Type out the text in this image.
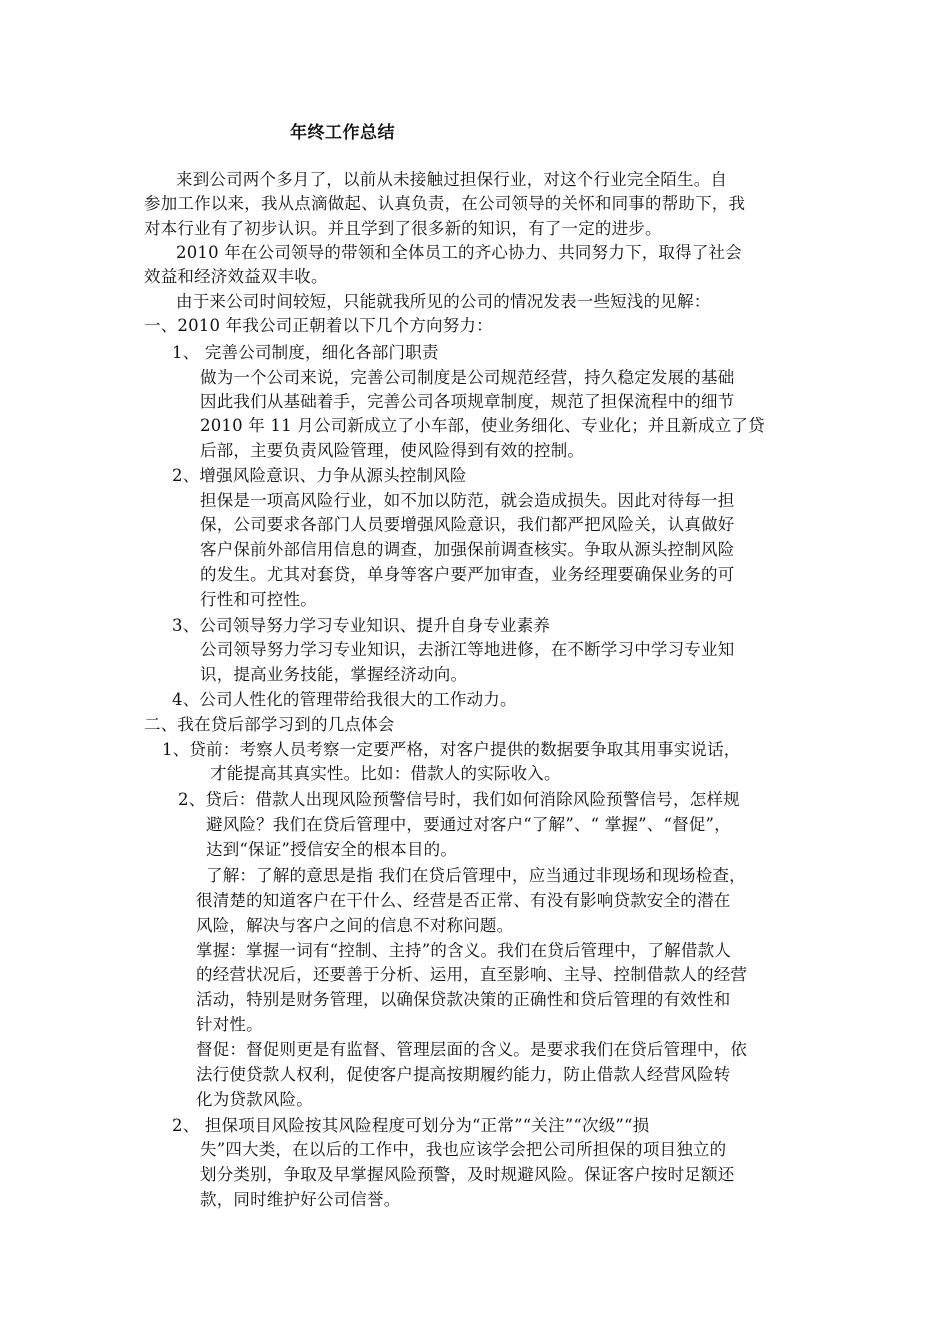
年终工作总结
来到公司两个多月了，以前从未接触过担保行业，对这个行业完全陌生。自
参加工作以来，我从点滴做起、认真负责，在公司领导的关怀和同事的帮助下，我
对本行业有了初步认识。并且学到了很多新的知识，有了一定的进步。
2010 年在公司领导的带领和全体员工的齐心协力、共同努力下，取得了社会
效益和经济效益双丰收。
由于来公司时间较短，只能就我所见的公司的情况发表一些短浅的见解：
一、2010 年我公司正朝着以下几个方向努力：
1、 完善公司制度，细化各部门职责
做为一个公司来说，完善公司制度是公司规范经营，持久稳定发展的基础
因此我们从基础着手，完善公司各项规章制度，规范了担保流程中的细节
2010 年 11 月公司新成立了小车部，使业务细化、专业化；并且新成立了贷
后部，主要负责风险管理，使风险得到有效的控制。
2、增强风险意识、力争从源头控制风险
担保是一项高风险行业，如不加以防范，就会造成损失。因此对待每一担
保，公司要求各部门人员要增强风险意识，我们都严把风险关，认真做好
客户保前外部信用信息的调查，加强保前调查核实。争取从源头控制风险
的发生。尤其对套贷，单身等客户要严加审查，业务经理要确保业务的可
行性和可控性。
3、公司领导努力学习专业知识、提升自身专业素养
公司领导努力学习专业知识，去浙江等地进修，在不断学习中学习专业知
识，提高业务技能，掌握经济动向。
4、公司人性化的管理带给我很大的工作动力。
二、我在贷后部学习到的几点体会
1、贷前：考察人员考察一定要严格，对客户提供的数据要争取其用事实说话，
才能提高其真实性。比如：借款人的实际收入。
2、贷后：借款人出现风险预警信号时，我们如何消除风险预警信号，怎样规
避风险？我们在贷后管理中，要通过对客户“了解”、“ 掌握”、“督促”，
达到“保证”授信安全的根本目的。
了解：了解的意思是指 我们在贷后管理中，应当通过非现场和现场检查，
很清楚的知道客户在干什么、经营是否正常、有没有影响贷款安全的潜在
风险，解决与客户之间的信息不对称问题。
掌握：掌握一词有“控制、主持”的含义。我们在贷后管理中，了解借款人
的经营状况后，还要善于分析、运用，直至影响、主导、控制借款人的经营
活动，特别是财务管理，以确保贷款决策的正确性和贷后管理的有效性和
针对性。
督促：督促则更是有监督、管理层面的含义。是要求我们在贷后管理中，依
法行使贷款人权利，促使客户提高按期履约能力，防止借款人经营风险转
化为贷款风险。
2、 担保项目风险按其风险程度可划分为“正常”“关注”“次级”“损
失”四大类，在以后的工作中，我也应该学会把公司所担保的项目独立的
划分类别，争取及早掌握风险预警，及时规避风险。保证客户按时足额还
款，同时维护好公司信誉。
